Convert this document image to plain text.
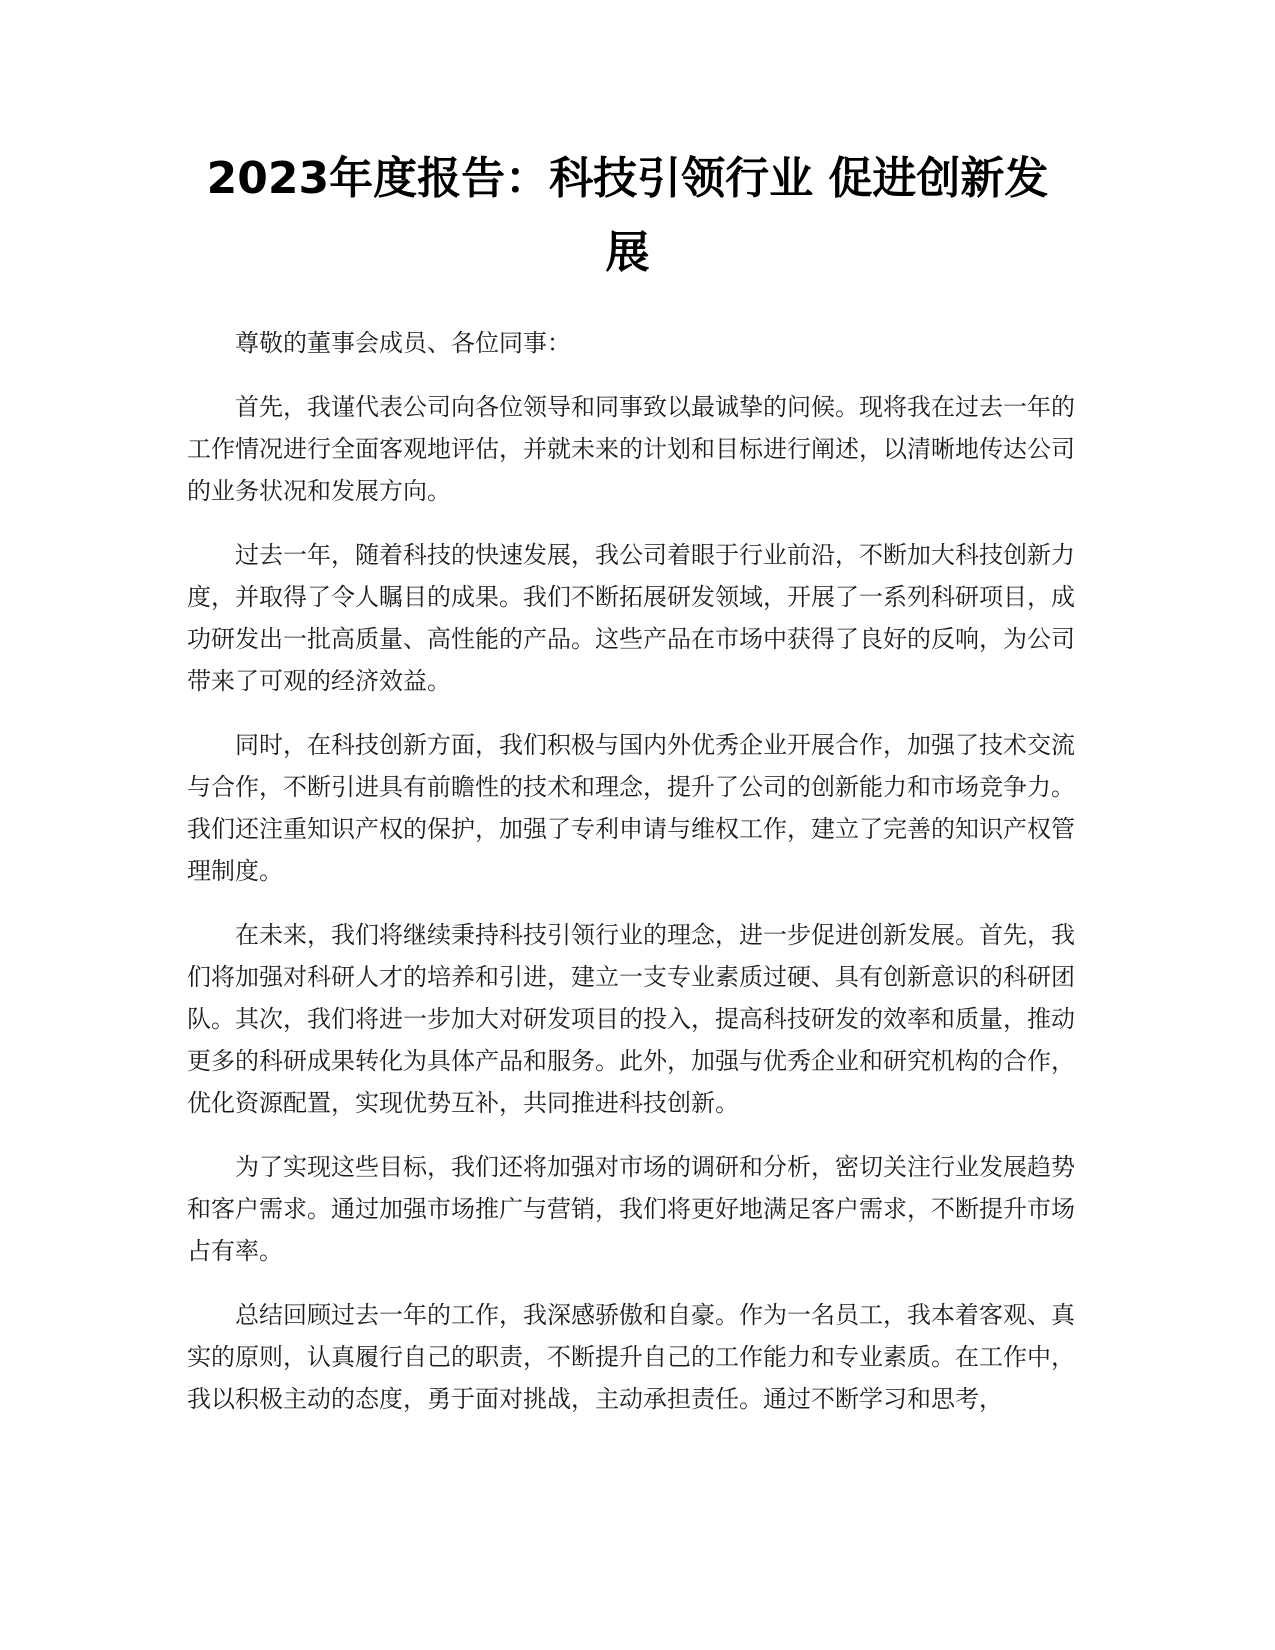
2023年度报告：科技引领行业 促进创新发展

尊敬的董事会成员、各位同事：

首先，我谨代表公司向各位领导和同事致以最诚挚的问候。现将我在过去一年的工作情况进行全面客观地评估，并就未来的计划和目标进行阐述，以清晰地传达公司的业务状况和发展方向。

过去一年，随着科技的快速发展，我公司着眼于行业前沿，不断加大科技创新力度，并取得了令人瞩目的成果。我们不断拓展研发领域，开展了一系列科研项目，成功研发出一批高质量、高性能的产品。这些产品在市场中获得了良好的反响，为公司带来了可观的经济效益。

同时，在科技创新方面，我们积极与国内外优秀企业开展合作，加强了技术交流与合作，不断引进具有前瞻性的技术和理念，提升了公司的创新能力和市场竞争力。我们还注重知识产权的保护，加强了专利申请与维权工作，建立了完善的知识产权管理制度。

在未来，我们将继续秉持科技引领行业的理念，进一步促进创新发展。首先，我们将加强对科研人才的培养和引进，建立一支专业素质过硬、具有创新意识的科研团队。其次，我们将进一步加大对研发项目的投入，提高科技研发的效率和质量，推动更多的科研成果转化为具体产品和服务。此外，加强与优秀企业和研究机构的合作，优化资源配置，实现优势互补，共同推进科技创新。

为了实现这些目标，我们还将加强对市场的调研和分析，密切关注行业发展趋势和客户需求。通过加强市场推广与营销，我们将更好地满足客户需求，不断提升市场占有率。

总结回顾过去一年的工作，我深感骄傲和自豪。作为一名员工，我本着客观、真实的原则，认真履行自己的职责，不断提升自己的工作能力和专业素质。在工作中，我以积极主动的态度，勇于面对挑战，主动承担责任。通过不断学习和思考，
